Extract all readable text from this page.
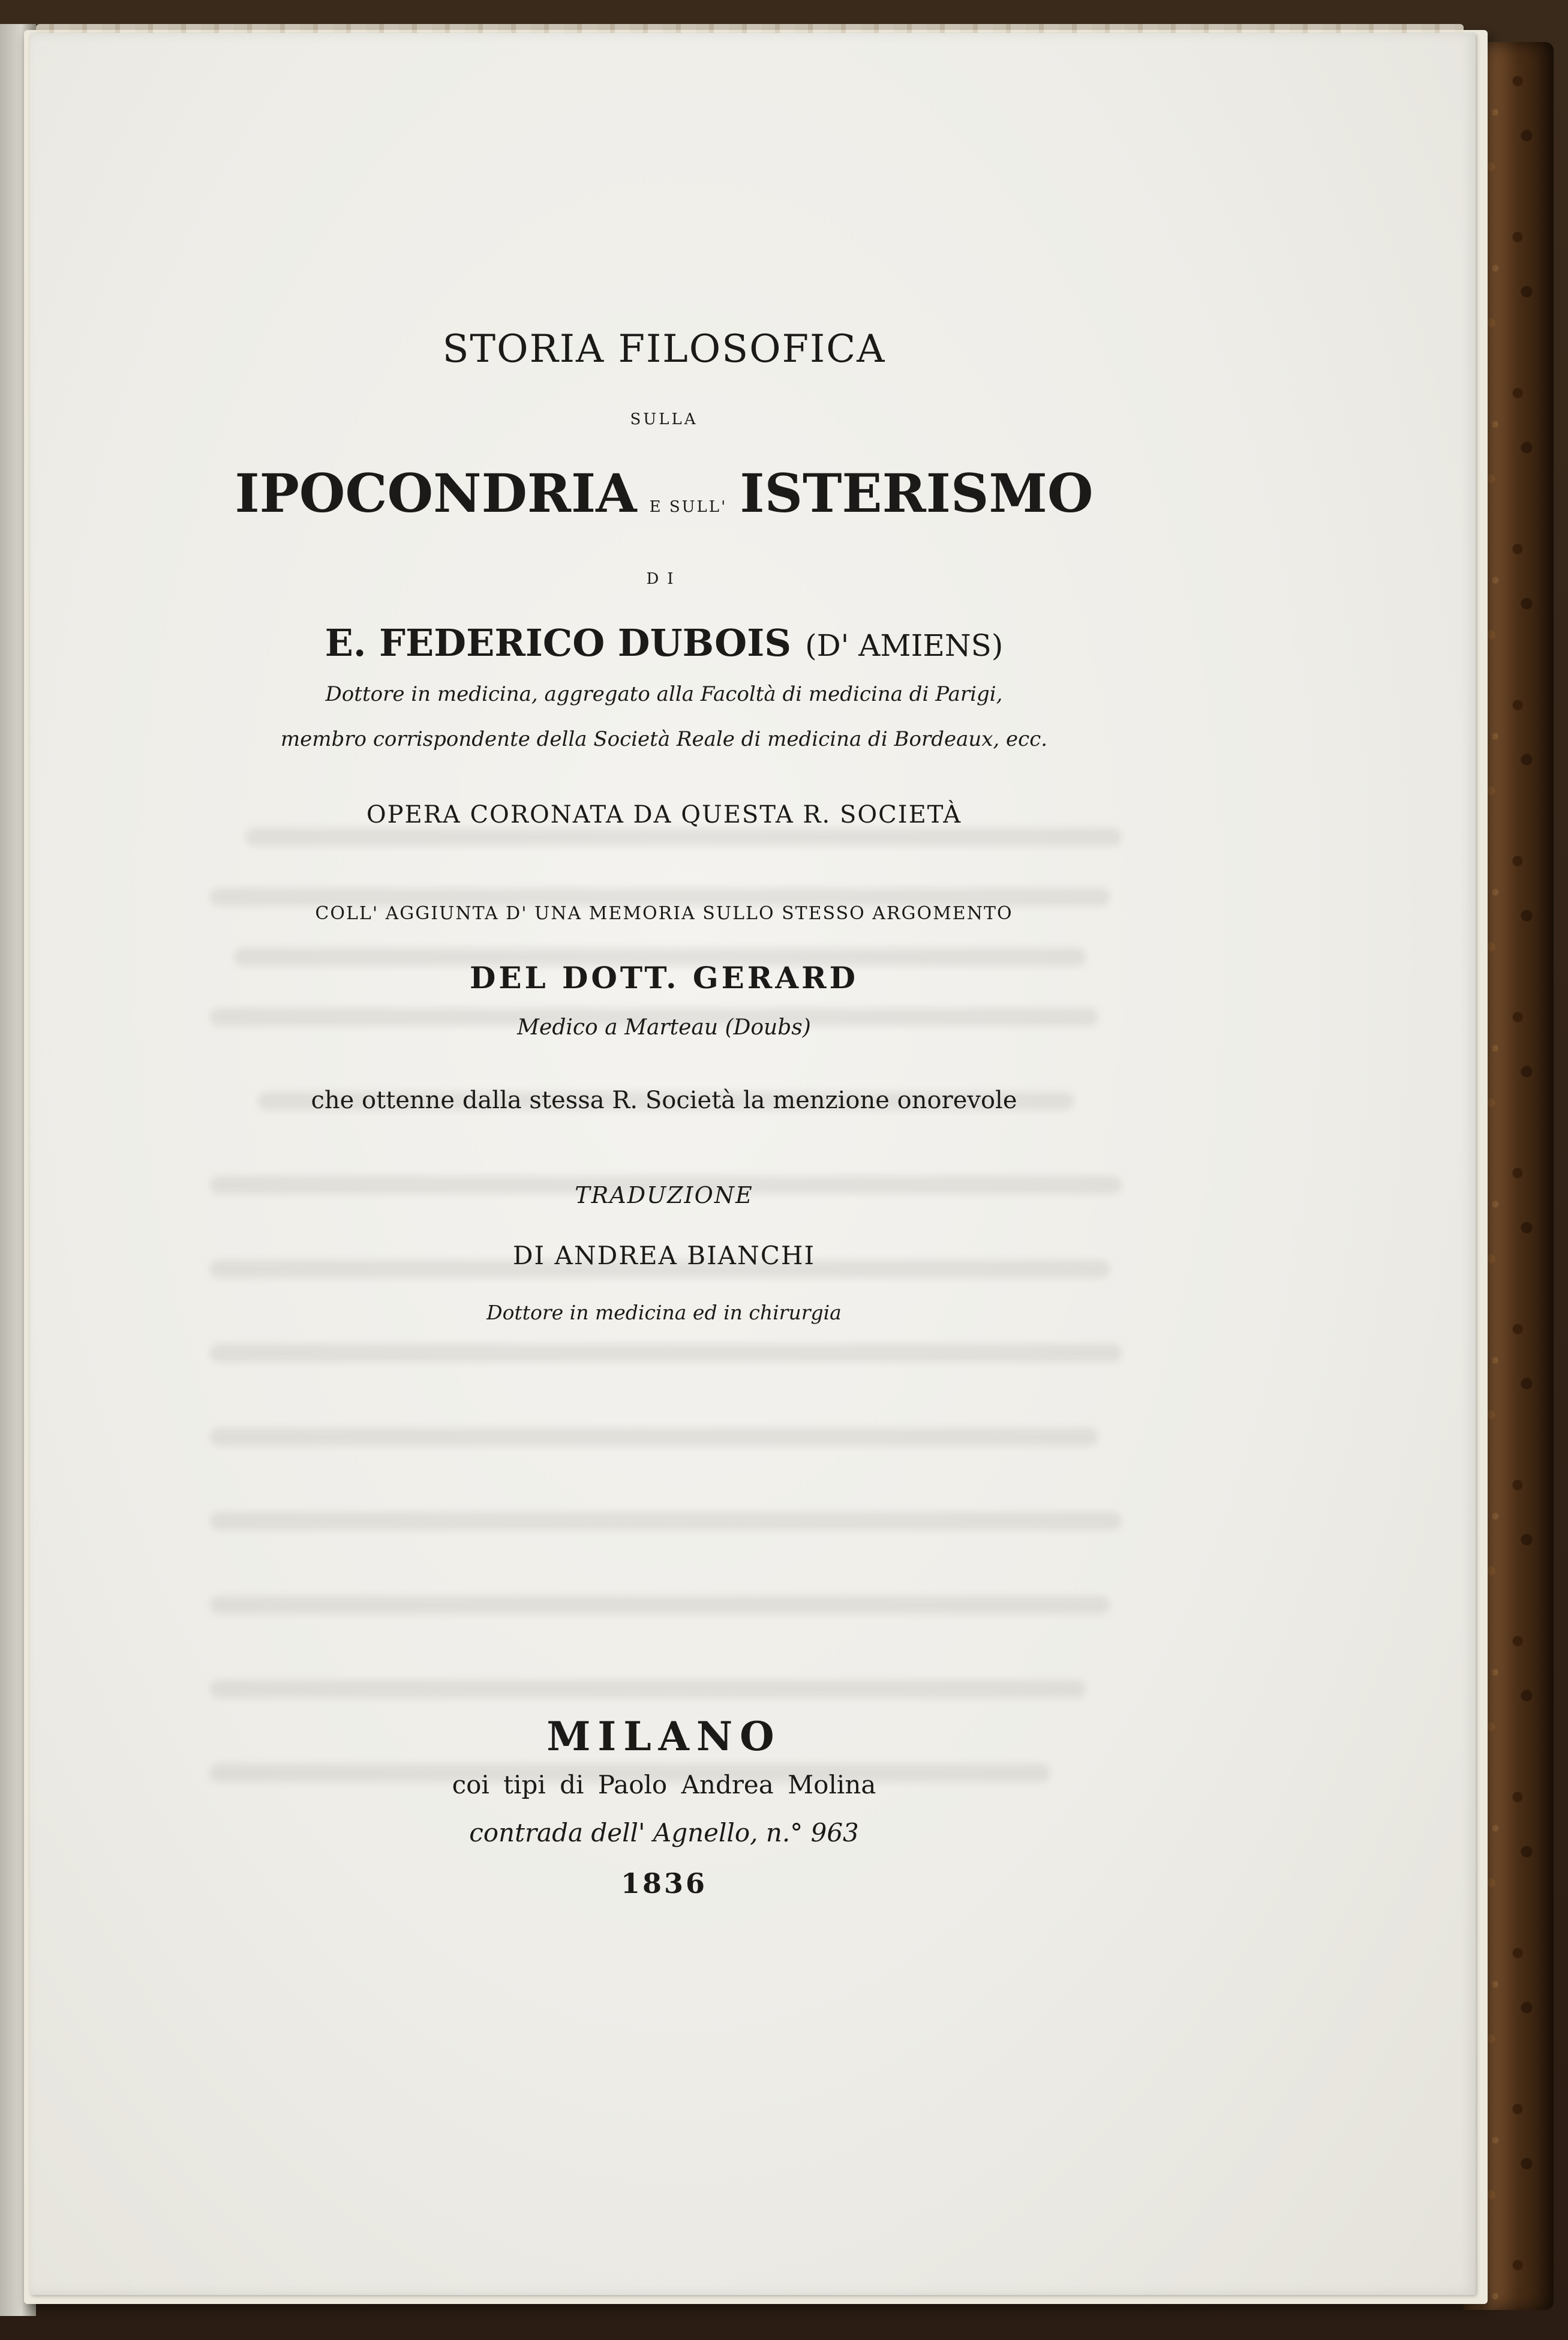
STORIA FILOSOFICA
SULLA
IPOCONDRIA E SULL' ISTERISMO
DI
E. FEDERICO DUBOIS (D' AMIENS)
Dottore in medicina, aggregato alla Facoltà di medicina di Parigi,
membro corrispondente della Società Reale di medicina di Bordeaux, ecc.
OPERA CORONATA DA QUESTA R. SOCIETÀ
COLL' AGGIUNTA D' UNA MEMORIA SULLO STESSO ARGOMENTO
DEL DOTT. GERARD
Medico a Marteau (Doubs)
che ottenne dalla stessa R. Società la menzione onorevole
TRADUZIONE
DI ANDREA BIANCHI
Dottore in medicina ed in chirurgia
MILANO
coi tipi di Paolo Andrea Molina
contrada dell' Agnello, n.° 963
1836
